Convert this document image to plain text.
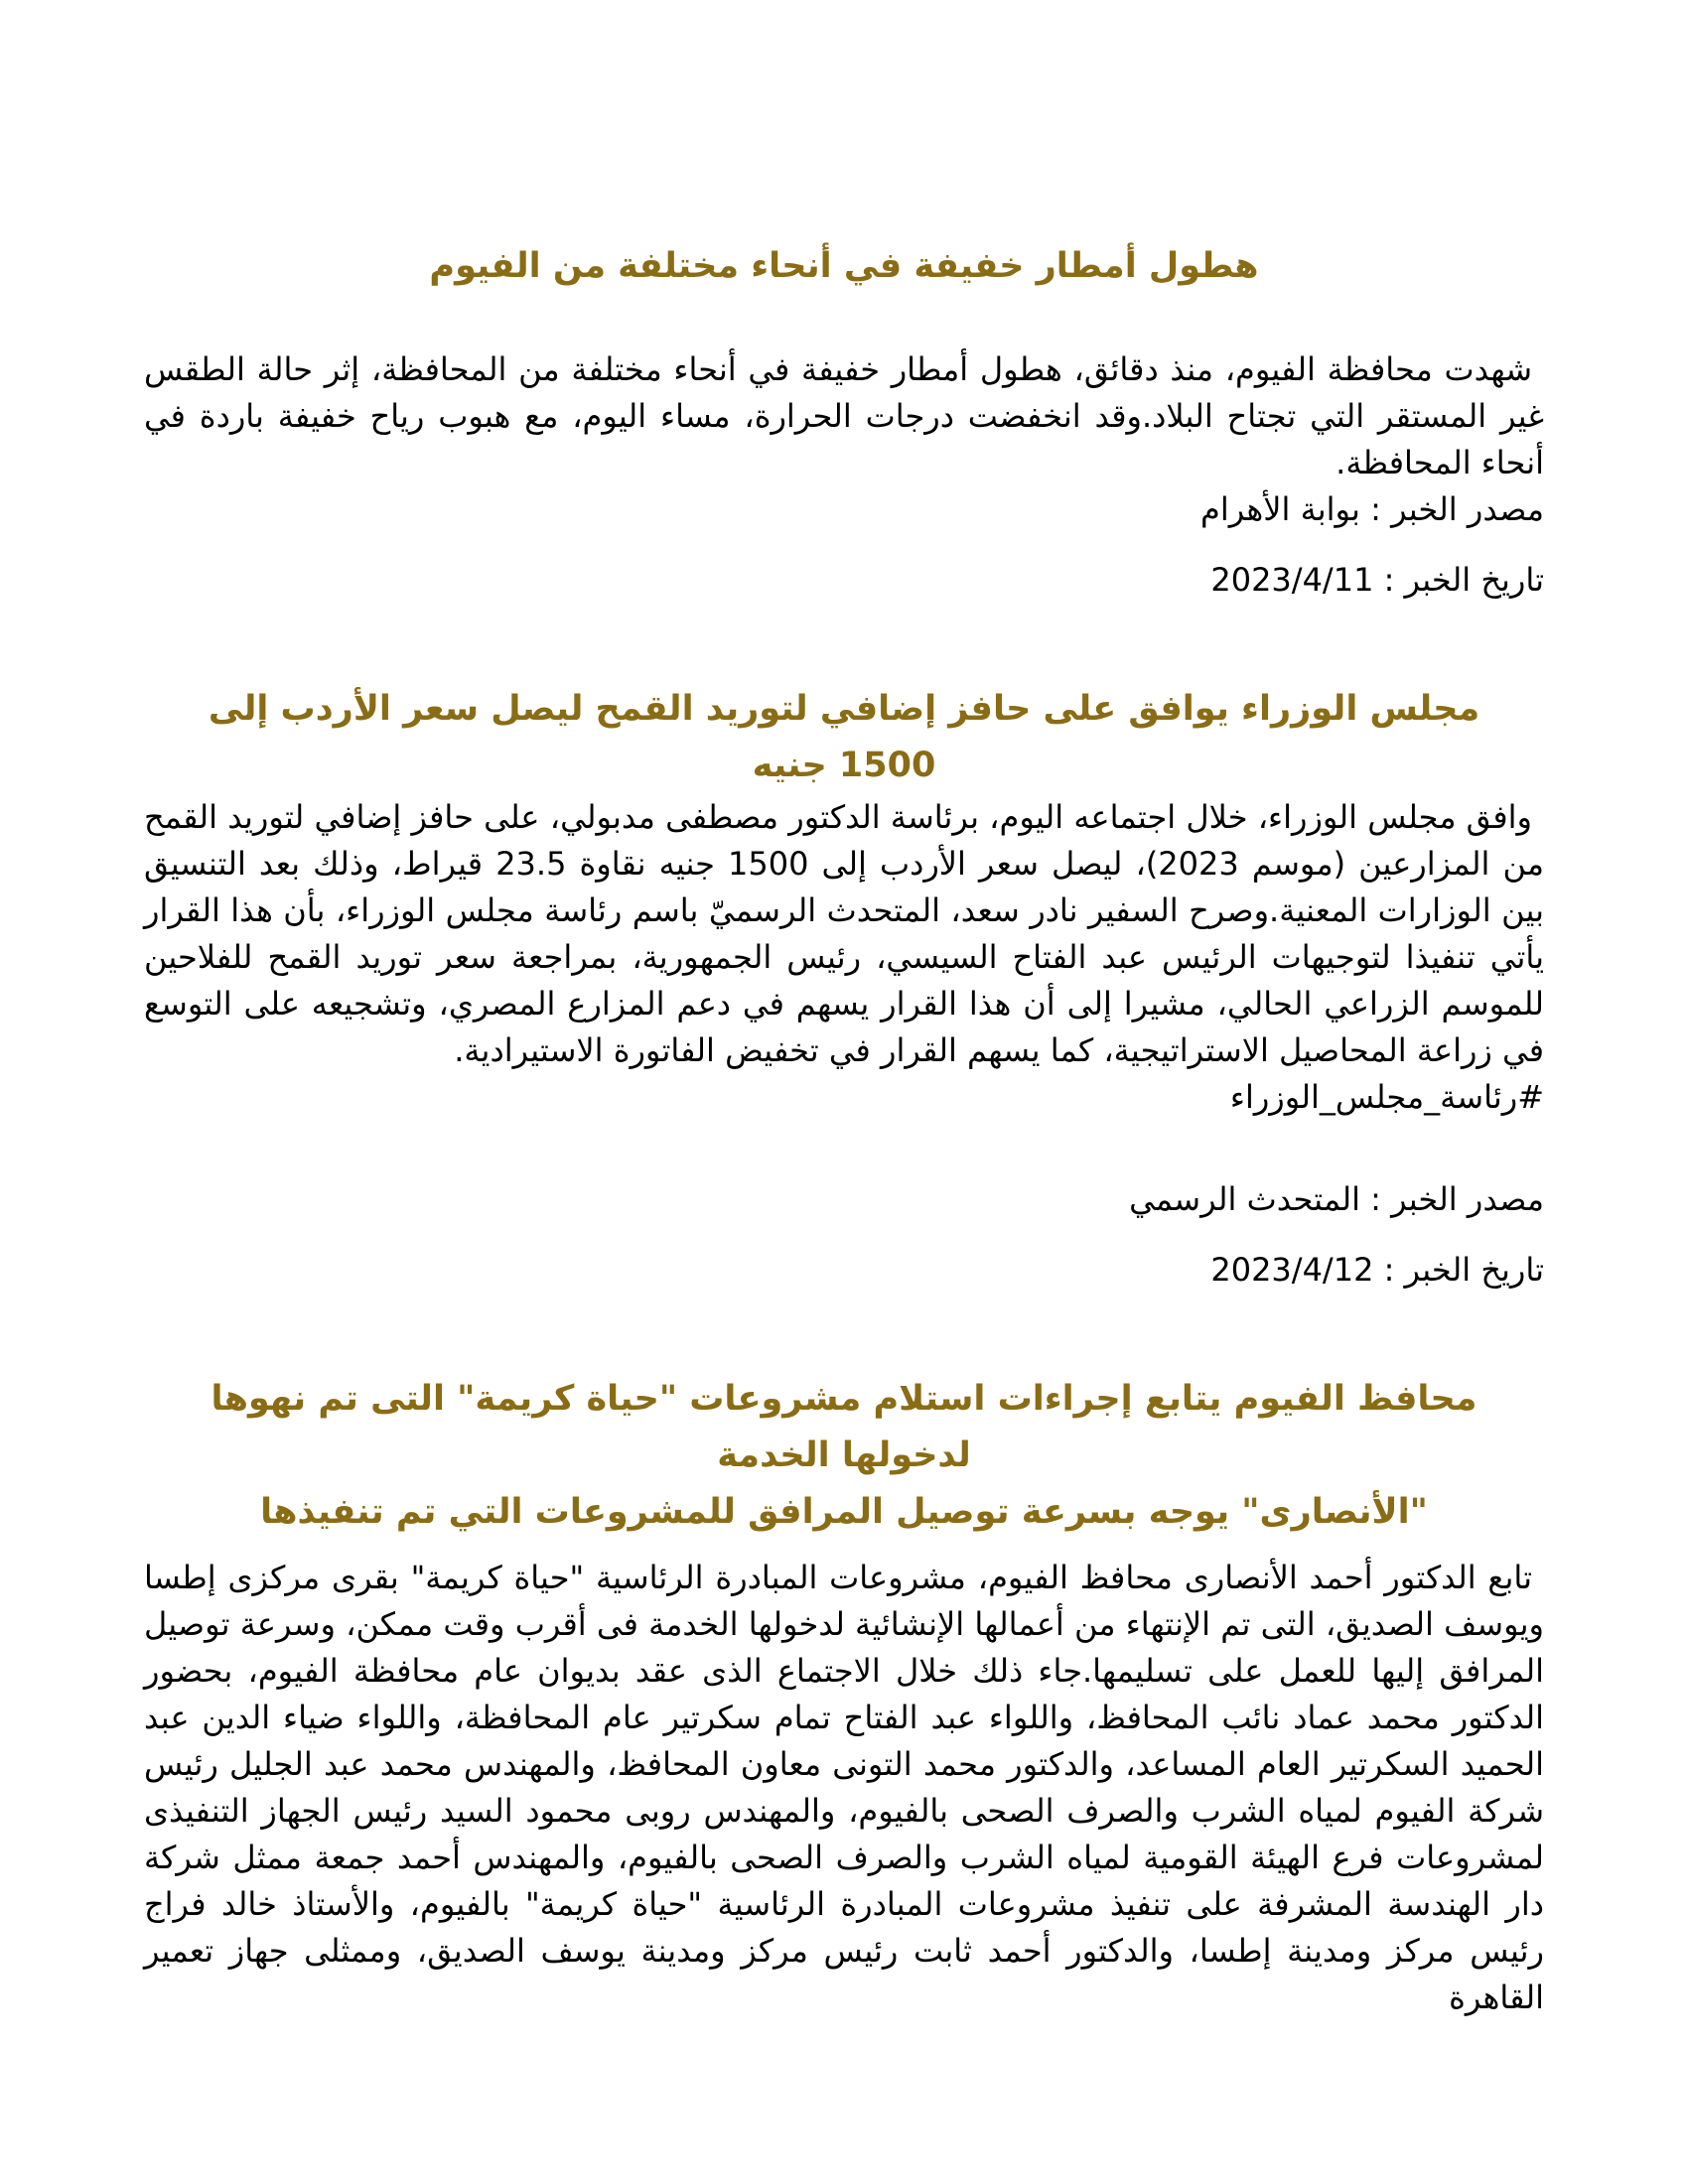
هطول أمطار خفيفة في أنحاء مختلفة من الفيوم

شهدت محافظة الفيوم، منذ دقائق، هطول أمطار خفيفة في أنحاء مختلفة من المحافظة، إثر حالة الطقس غير المستقر التي تجتاح البلاد.وقد انخفضت درجات الحرارة، مساء اليوم، مع هبوب رياح خفيفة باردة في أنحاء المحافظة.

مصدر الخبر : بوابة الأهرام
تاريخ الخبر : 2023/4/11
مجلس الوزراء يوافق على حافز إضافي لتوريد القمح ليصل سعر الأردب إلى
1500 جنيه

وافق مجلس الوزراء، خلال اجتماعه اليوم، برئاسة الدكتور مصطفى مدبولي، على حافز إضافي لتوريد القمح من المزارعين (موسم 2023)، ليصل سعر الأردب إلى 1500 جنيه نقاوة 23.5 قيراط، وذلك بعد التنسيق بين الوزارات المعنية.وصرح السفير نادر سعد، المتحدث الرسميّ باسم رئاسة مجلس الوزراء، بأن هذا القرار يأتي تنفيذا لتوجيهات الرئيس عبد الفتاح السيسي، رئيس الجمهورية، بمراجعة سعر توريد القمح للفلاحين للموسم الزراعي الحالي، مشيرا إلى أن هذا القرار يسهم في دعم المزارع المصري، وتشجيعه على التوسع في زراعة المحاصيل الاستراتيجية، كما يسهم القرار في تخفيض الفاتورة الاستيرادية.

#رئاسة_مجلس_الوزراء
مصدر الخبر : المتحدث الرسمي
تاريخ الخبر : 2023/4/12
محافظ الفيوم يتابع إجراءات استلام مشروعات "حياة كريمة" التى تم نهوها
لدخولها الخدمة
"الأنصارى" يوجه بسرعة توصيل المرافق للمشروعات التي تم تنفيذها

تابع الدكتور أحمد الأنصارى محافظ الفيوم، مشروعات المبادرة الرئاسية "حياة كريمة" بقرى مركزى إطسا ويوسف الصديق، التى تم الإنتهاء من أعمالها الإنشائية لدخولها الخدمة فى أقرب وقت ممكن، وسرعة توصيل المرافق إليها للعمل على تسليمها.جاء ذلك خلال الاجتماع الذى عقد بديوان عام محافظة الفيوم، بحضور الدكتور محمد عماد نائب المحافظ، واللواء عبد الفتاح تمام سكرتير عام المحافظة، واللواء ضياء الدين عبد الحميد السكرتير العام المساعد، والدكتور محمد التونى معاون المحافظ، والمهندس محمد عبد الجليل رئيس شركة الفيوم لمياه الشرب والصرف الصحى بالفيوم، والمهندس روبى محمود السيد رئيس الجهاز التنفيذى لمشروعات فرع الهيئة القومية لمياه الشرب والصرف الصحى بالفيوم، والمهندس أحمد جمعة ممثل شركة دار الهندسة المشرفة على تنفيذ مشروعات المبادرة الرئاسية "حياة كريمة" بالفيوم، والأستاذ خالد فراج رئيس مركز ومدينة إطسا، والدكتور أحمد ثابت رئيس مركز ومدينة يوسف الصديق، وممثلى جهاز تعمير القاهرة
